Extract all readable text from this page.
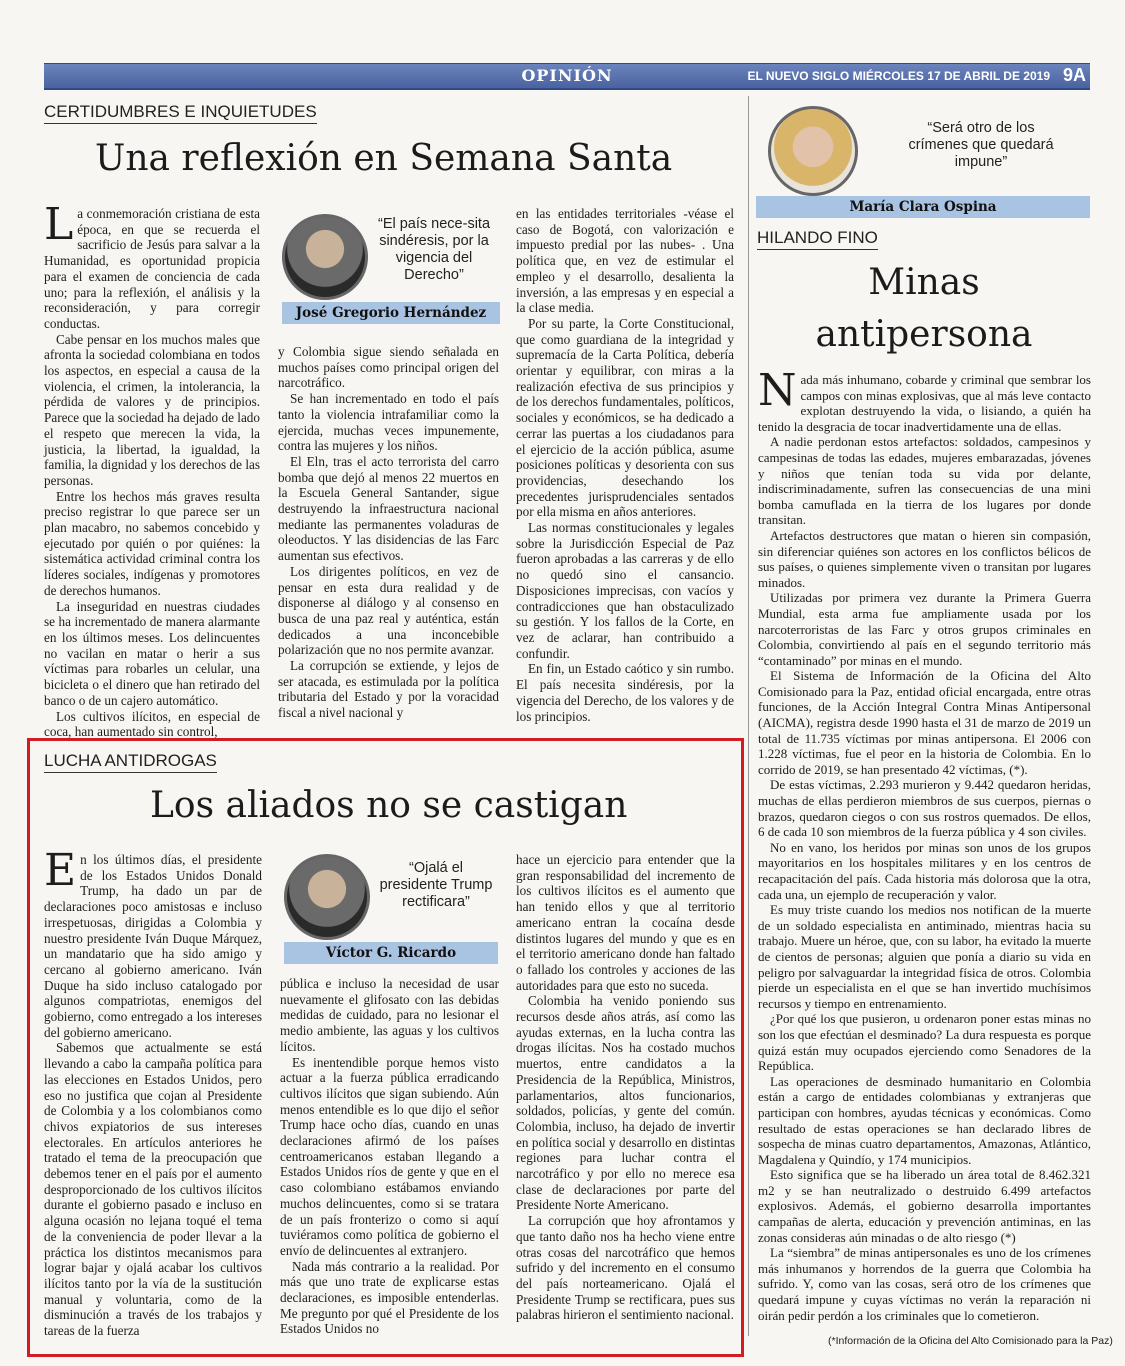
OPINIÓN	EL NUEVO SIGLO MIÉRCOLES 17 DE ABRIL DE 2019 9A
CERTIDUMBRES E INQUIETUDES
Una reflexión en Semana Santa

La conmemoración cristiana de esta época, en que se recuerda el sacrificio de Jesús para salvar a la Humanidad, es oportunidad propicia para el examen de conciencia de cada uno; para la reflexión, el análisis y la reconsideración, y para corregir conductas.

Cabe pensar en los muchos males que afronta la sociedad colombiana en todos los aspectos, en especial a causa de la violencia, el crimen, la intolerancia, la pérdida de valores y de principios. Parece que la sociedad ha dejado de lado el respeto que merecen la vida, la justicia, la libertad, la igualdad, la familia, la dignidad y los derechos de las personas.

Entre los hechos más graves resulta preciso registrar lo que parece ser un plan macabro, no sabemos concebido y ejecutado por quién o por quiénes: la sistemática actividad criminal contra los líderes sociales, indígenas y promotores de derechos humanos.

La inseguridad en nuestras ciudades se ha incrementado de manera alarmante en los últimos meses. Los delincuentes no vacilan en matar o herir a sus víctimas para robarles un celular, una bicicleta o el dinero que han retirado del banco o de un cajero automático.

Los cultivos ilícitos, en especial de coca, han aumentado sin control,

“El país nece-sita sindéresis, por la vigencia del Derecho”
José Gregorio Hernández

y Colombia sigue siendo señalada en muchos países como principal origen del narcotráfico.

Se han incrementado en todo el país tanto la violencia intrafamiliar como la ejercida, muchas veces impunemente, contra las mujeres y los niños.

El Eln, tras el acto terrorista del carro bomba que dejó al menos 22 muertos en la Escuela General Santander, sigue destruyendo la infraestructura nacional mediante las permanentes voladuras de oleoductos. Y las disidencias de las Farc aumentan sus efectivos.

Los dirigentes políticos, en vez de pensar en esta dura realidad y de disponerse al diálogo y al consenso en busca de una paz real y auténtica, están dedicados a una inconcebible polarización que no nos permite avanzar.

La corrupción se extiende, y lejos de ser atacada, es estimulada por la política tributaria del Estado y por la voracidad fiscal a nivel nacional y

en las entidades territoriales -véase el caso de Bogotá, con valorización e impuesto predial por las nubes- . Una política que, en vez de estimular el empleo y el desarrollo, desalienta la inversión, a las empresas y en especial a la clase media.

Por su parte, la Corte Constitucional, que como guardiana de la integridad y supremacía de la Carta Política, debería orientar y equilibrar, con miras a la realización efectiva de sus principios y de los derechos fundamentales, políticos, sociales y económicos, se ha dedicado a cerrar las puertas a los ciudadanos para el ejercicio de la acción pública, asume posiciones políticas y desorienta con sus providencias, desechando los precedentes jurisprudenciales sentados por ella misma en años anteriores.

Las normas constitucionales y legales sobre la Jurisdicción Especial de Paz fueron aprobadas a las carreras y de ello no quedó sino el cansancio. Disposiciones imprecisas, con vacíos y contradicciones que han obstaculizado su gestión. Y los fallos de la Corte, en vez de aclarar, han contribuido a confundir.

En fin, un Estado caótico y sin rumbo. El país necesita sindéresis, por la vigencia del Derecho, de los valores y de los principios.

LUCHA ANTIDROGAS
Los aliados no se castigan

En los últimos días, el presidente de los Estados Unidos Donald Trump, ha dado un par de declaraciones poco amistosas e incluso irrespetuosas, dirigidas a Colombia y nuestro presidente Iván Duque Márquez, un mandatario que ha sido amigo y cercano al gobierno americano. Iván Duque ha sido incluso catalogado por algunos compatriotas, enemigos del gobierno, como entregado a los intereses del gobierno americano.

Sabemos que actualmente se está llevando a cabo la campaña política para las elecciones en Estados Unidos, pero eso no justifica que cojan al Presidente de Colombia y a los colombianos como chivos expiatorios de sus intereses electorales. En artículos anteriores he tratado el tema de la preocupación que debemos tener en el país por el aumento desproporcionado de los cultivos ilícitos durante el gobierno pasado e incluso en alguna ocasión no lejana toqué el tema de la conveniencia de poder llevar a la práctica los distintos mecanismos para lograr bajar y ojalá acabar los cultivos ilícitos tanto por la vía de la sustitución manual y voluntaria, como de la disminución a través de los trabajos y tareas de la fuerza

“Ojalá el presidente Trump rectificara”
Víctor G. Ricardo

pública e incluso la necesidad de usar nuevamente el glifosato con las debidas medidas de cuidado, para no lesionar el medio ambiente, las aguas y los cultivos lícitos.

Es inentendible porque hemos visto actuar a la fuerza pública erradicando cultivos ilícitos que sigan subiendo. Aún menos entendible es lo que dijo el señor Trump hace ocho días, cuando en unas declaraciones afirmó de los países centroamericanos estaban llegando a Estados Unidos ríos de gente y que en el caso colombiano estábamos enviando muchos delincuentes, como si se tratara de un país fronterizo o como si aquí tuviéramos como política de gobierno el envío de delincuentes al extranjero.

Nada más contrario a la realidad. Por más que uno trate de explicarse estas declaraciones, es imposible entenderlas. Me pregunto por qué el Presidente de los Estados Unidos no

hace un ejercicio para entender que la gran responsabilidad del incremento de los cultivos ilícitos es el aumento que han tenido ellos y que al territorio americano entran la cocaína desde distintos lugares del mundo y que es en el territorio americano donde han faltado o fallado los controles y acciones de las autoridades para que esto no suceda.

Colombia ha venido poniendo sus recursos desde años atrás, así como las ayudas externas, en la lucha contra las drogas ilícitas. Nos ha costado muchos muertos, entre candidatos a la Presidencia de la República, Ministros, parlamentarios, altos funcionarios, soldados, policías, y gente del común. Colombia, incluso, ha dejado de invertir en política social y desarrollo en distintas regiones para luchar contra el narcotráfico y por ello no merece esa clase de declaraciones por parte del Presidente Norte Americano.

La corrupción que hoy afrontamos y que tanto daño nos ha hecho viene entre otras cosas del narcotráfico que hemos sufrido y del incremento en el consumo del país norteamericano. Ojalá el Presidente Trump se rectificara, pues sus palabras hirieron el sentimiento nacional.

“Será otro de los crímenes que quedará impune”
María Clara Ospina
HILANDO FINO
Minas
antipersona

Nada más inhumano, cobarde y criminal que sembrar los campos con minas explosivas, que al más leve contacto explotan destruyendo la vida, o lisiando, a quién ha tenido la desgracia de tocar inadvertidamente una de ellas.

A nadie perdonan estos artefactos: soldados, campesinos y campesinas de todas las edades, mujeres embarazadas, jóvenes y niños que tenían toda su vida por delante, indiscriminadamente, sufren las consecuencias de una mini bomba camuflada en la tierra de los lugares por donde transitan.

Artefactos destructores que matan o hieren sin compasión, sin diferenciar quiénes son actores en los conflictos bélicos de sus países, o quienes simplemente viven o transitan por lugares minados.

Utilizadas por primera vez durante la Primera Guerra Mundial, esta arma fue ampliamente usada por los narcoterroristas de las Farc y otros grupos criminales en Colombia, convirtiendo al país en el segundo territorio más “contaminado” por minas en el mundo.

El Sistema de Información de la Oficina del Alto Comisionado para la Paz, entidad oficial encargada, entre otras funciones, de la Acción Integral Contra Minas Antipersonal (AICMA), registra desde 1990 hasta el 31 de marzo de 2019 un total de 11.735 víctimas por minas antipersona. El 2006 con 1.228 víctimas, fue el peor en la historia de Colombia. En lo corrido de 2019, se han presentado 42 víctimas, (*).

De estas víctimas, 2.293 murieron y 9.442 quedaron heridas, muchas de ellas perdieron miembros de sus cuerpos, piernas o brazos, quedaron ciegos o con sus rostros quemados. De ellos, 6 de cada 10 son miembros de la fuerza pública y 4 son civiles.

No en vano, los heridos por minas son unos de los grupos mayoritarios en los hospitales militares y en los centros de recapacitación del país. Cada historia más dolorosa que la otra, cada una, un ejemplo de recuperación y valor.

Es muy triste cuando los medios nos notifican de la muerte de un soldado especialista en antiminado, mientras hacia su trabajo. Muere un héroe, que, con su labor, ha evitado la muerte de cientos de personas; alguien que ponía a diario su vida en peligro por salvaguardar la integridad física de otros. Colombia pierde un especialista en el que se han invertido muchísimos recursos y tiempo en entrenamiento.

¿Por qué los que pusieron, u ordenaron poner estas minas no son los que efectúan el desminado? La dura respuesta es porque quizá están muy ocupados ejerciendo como Senadores de la República.

Las operaciones de desminado humanitario en Colombia están a cargo de entidades colombianas y extranjeras que participan con hombres, ayudas técnicas y económicas. Como resultado de estas operaciones se han declarado libres de sospecha de minas cuatro departamentos, Amazonas, Atlántico, Magdalena y Quindío, y 174 municipios.

Esto significa que se ha liberado un área total de 8.462.321 m2 y se han neutralizado o destruido 6.499 artefactos explosivos. Además, el gobierno desarrolla importantes campañas de alerta, educación y prevención antiminas, en las zonas consideras aún minadas o de alto riesgo (*)

La “siembra” de minas antipersonales es uno de los crímenes más inhumanos y horrendos de la guerra que Colombia ha sufrido. Y, como van las cosas, será otro de los crímenes que quedará impune y cuyas víctimas no verán la reparación ni oirán pedir perdón a los criminales que lo cometieron.

(*Información de la Oficina del Alto Comisionado para la Paz)
